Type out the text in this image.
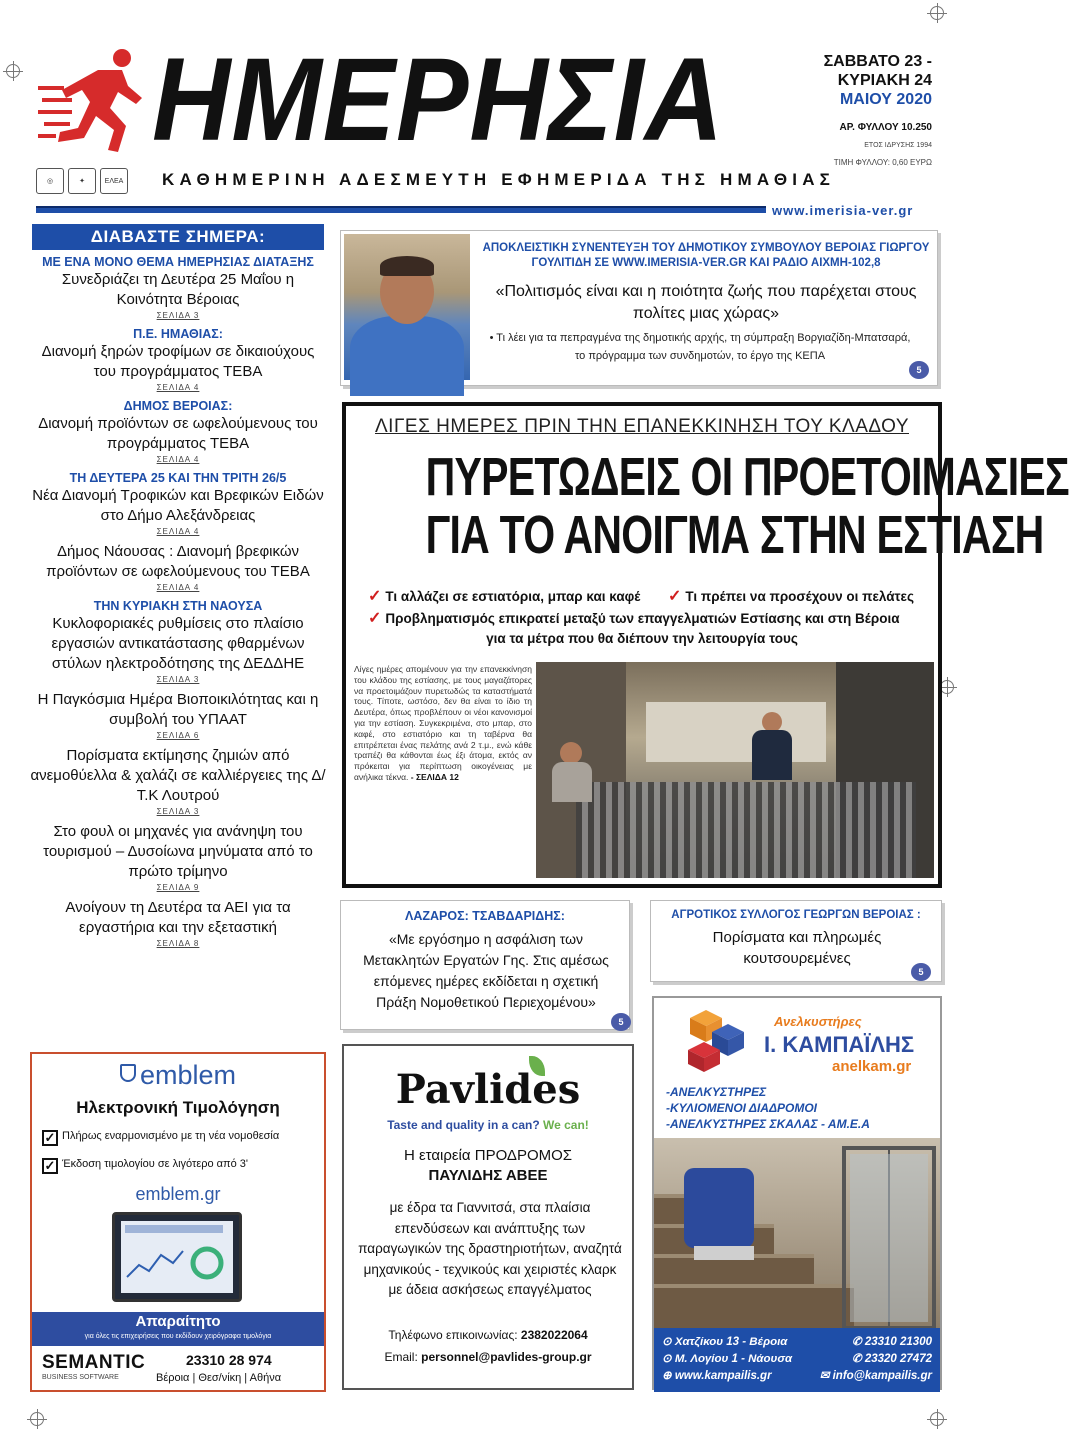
ΗΜΕΡΗΣΙΑ
◎	✦	ΕΛΕΑ	ΚΑΘΗΜΕΡΙΝΗ ΑΔΕΣΜΕΥΤΗ ΕΦΗΜΕΡΙΔΑ ΤΗΣ ΗΜΑΘΙΑΣ
ΣΑΒΒΑΤΟ 23 -
ΚΥΡΙΑΚΗ 24
ΜΑΙΟΥ 2020
ΑΡ. ΦΥΛΛΟΥ 10.250
ΕΤΟΣ ΙΔΡΥΣΗΣ 1994
ΤΙΜΗ ΦΥΛΛΟΥ: 0,60 ΕΥΡΩ
www.imerisia-ver.gr
ΔΙΑΒΑΣΤΕ ΣΗΜΕΡΑ:
ΜΕ ΕΝΑ ΜΟΝΟ ΘΕΜΑ ΗΜΕΡΗΣΙΑΣ ΔΙΑΤΑΞΗΣ
Συνεδριάζει τη Δευτέρα 25 Μαΐου η Κοινότητα Βέροιας
ΣΕΛΙΔΑ 3
Π.Ε. ΗΜΑΘΙΑΣ:
Διανομή ξηρών τροφίμων σε δικαιούχους του προγράμματος ΤΕΒΑ
ΣΕΛΙΔΑ 4
ΔΗΜΟΣ ΒΕΡΟΙΑΣ:
Διανομή προϊόντων σε ωφελούμενους του προγράμματος ΤΕΒΑ
ΣΕΛΙΔΑ 4
ΤΗ ΔΕΥΤΕΡΑ 25 ΚΑΙ ΤΗΝ ΤΡΙΤΗ 26/5
Νέα Διανομή Τροφικών και Βρεφικών Ειδών στο Δήμο Αλεξάνδρειας
ΣΕΛΙΔΑ 4
Δήμος Νάουσας : Διανομή βρεφικών προϊόντων σε ωφελούμενους του ΤΕΒΑ
ΣΕΛΙΔΑ 4
ΤΗΝ ΚΥΡΙΑΚΗ ΣΤΗ ΝΑΟΥΣΑ
Κυκλοφοριακές ρυθμίσεις στο πλαίσιο εργασιών αντικατάστασης φθαρμένων στύλων ηλεκτροδότησης της ΔΕΔΔΗΕ
ΣΕΛΙΔΑ 3
Η Παγκόσμια Ημέρα Βιοποικιλότητας και η συμβολή του ΥΠΑΑΤ
ΣΕΛΙΔΑ 6
Πορίσματα εκτίμησης ζημιών από ανεμοθύελλα & χαλάζι σε καλλιέργειες της Δ/Τ.Κ Λουτρού
ΣΕΛΙΔΑ 3
Στο φουλ οι μηχανές για ανάνηψη του τουρισμού – Δυσοίωνα μηνύματα από το πρώτο τρίμηνο
ΣΕΛΙΔΑ 9
Ανοίγουν τη Δευτέρα τα ΑΕΙ για τα εργαστήρια και την εξεταστική
ΣΕΛΙΔΑ 8
emblem
Ηλεκτρονική Τιμολόγηση
✓ Πλήρως εναρμονισμένο με τη νέα νομοθεσία
✓ Έκδοση τιμολογίου σε λιγότερο από 3'
emblem.gr
Απαραίτητο
για όλες τις επιχειρήσεις που εκδίδουν χειρόγραφα τιμολόγια
SEMANTIC
BUSINESS SOFTWARE
23310 28 974
Βέροια | Θεσ/νίκη | Αθήνα
ΑΠΟΚΛΕΙΣΤΙΚΗ ΣΥΝΕΝΤΕΥΞΗ ΤΟΥ ΔΗΜΟΤΙΚΟΥ ΣΥΜΒΟΥΛΟΥ ΒΕΡΟΙΑΣ ΓΙΩΡΓΟΥ ΓΟΥΛΙΤΙΔΗ ΣΕ WWW.IMERISIA-VER.GR ΚΑΙ ΡΑΔΙΟ ΑΙΧΜΗ-102,8
«Πολιτισμός είναι και η ποιότητα ζωής που παρέχεται στους πολίτες μιας χώρας»
• Τι λέει για τα πεπραγμένα της δημοτικής αρχής, τη σύμπραξη Βοργιαζίδη-Μπατσαρά, το πρόγραμμα των συνδημοτών, το έργο της ΚΕΠΑ
5
ΛΙΓΕΣ ΗΜΕΡΕΣ ΠΡΙΝ ΤΗΝ ΕΠΑΝΕΚΚΙΝΗΣΗ ΤΟΥ ΚΛΑΔΟΥ
ΠΥΡΕΤΩΔΕΙΣ ΟΙ ΠΡΟΕΤΟΙΜΑΣΙΕΣ
ΓΙΑ ΤΟ ΑΝΟΙΓΜΑ ΣΤΗΝ ΕΣΤΙΑΣΗ
✓ Τι αλλάζει σε εστιατόρια, μπαρ και καφέ ✓ Τι πρέπει να προσέχουν οι πελάτες
✓ Προβληματισμός επικρατεί μεταξύ των επαγγελματιών Εστίασης και στη Βέροια
για τα μέτρα που θα διέπουν την λειτουργία τους
Λίγες ημέρες απομένουν για την επανεκκίνηση του κλάδου της εστίασης, με τους μαγαζάτορες να προετοιμάζουν πυρετωδώς τα καταστήματά τους. Τίποτε, ωστόσο, δεν θα είναι το ίδιο τη Δευτέρα, όπως προβλέπουν οι νέοι κανονισμοί για την εστίαση. Συγκεκριμένα, στο μπαρ, στο καφέ, στο εστιατόριο και τη ταβέρνα θα επιτρέπεται ένας πελάτης ανά 2 τ.μ., ενώ κάθε τραπέζι θα κάθονται έως έξι άτομα, εκτός αν πρόκειται για περίπτωση οικογένειας με ανήλικα τέκνα. - ΣΕΛΙΔΑ 12
ΛΑΖΑΡΟΣ: ΤΣΑΒΔΑΡΙΔΗΣ:
«Με εργόσημο η ασφάλιση των Μετακλητών Εργατών Γης. Στις αμέσως επόμενες ημέρες εκδίδεται η σχετική Πράξη Νομοθετικού Περιεχομένου»
5
ΑΓΡΟΤΙΚΟΣ ΣΥΛΛΟΓΟΣ ΓΕΩΡΓΩΝ ΒΕΡΟΙΑΣ :
Πορίσματα και πληρωμές κουτσουρεμένες
5
Pavlides
Taste and quality in a can? We can!
Η εταιρεία ΠΡΟΔΡΟΜΟΣ
ΠΑΥΛΙΔΗΣ ΑΒΕΕ
με έδρα τα Γιαννιτσά, στα πλαίσια επενδύσεων και ανάπτυξης των παραγωγικών της δραστηριοτήτων, αναζητά μηχανικούς - τεχνικούς και χειριστές κλαρκ με άδεια ασκήσεως επαγγέλματος
Τηλέφωνο επικοινωνίας: 2382022064
Email: personnel@pavlides-group.gr
Ανελκυστήρες
Ι. ΚΑΜΠΑΪΛΗΣ
anelkam.gr
-ΑΝΕΛΚΥΣΤΗΡΕΣ
-ΚΥΛΙΟΜΕΝΟΙ ΔΙΑΔΡΟΜΟΙ
-ΑΝΕΛΚΥΣΤΗΡΕΣ ΣΚΑΛΑΣ - ΑΜ.Ε.Α
⊙ Χατζίκου 13 - Βέροια	✆ 23310 21300
⊙ Μ. Λογίου 1 - Νάουσα	✆ 23320 27472
⊕ www.kampailis.gr	✉ info@kampailis.gr
